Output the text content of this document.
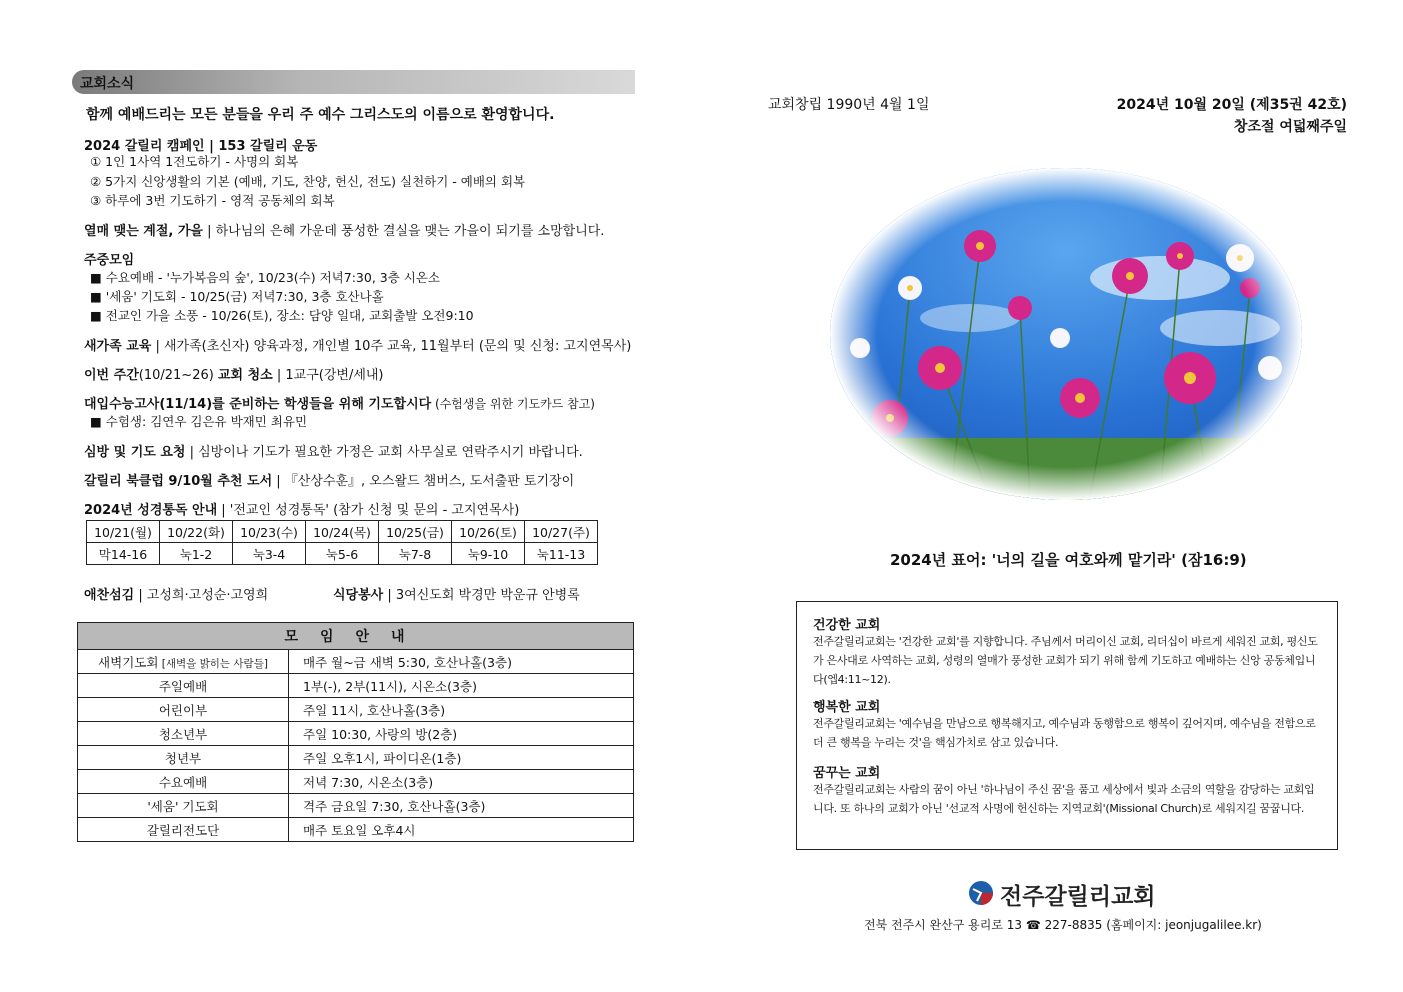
교회소식
함께 예배드리는 모든 분들을 우리 주 예수 그리스도의 이름으로 환영합니다.
2024 갈릴리 캠페인 | 153 갈릴리 운동
① 1인 1사역 1전도하기 - 사명의 회복
② 5가지 신앙생활의 기본 (예배, 기도, 찬양, 헌신, 전도) 실천하기 - 예배의 회복
③ 하루에 3번 기도하기 - 영적 공동체의 회복
열매 맺는 계절, 가을 | 하나님의 은혜 가운데 풍성한 결실을 맺는 가을이 되기를 소망합니다.
주중모임
■ 수요예배 - '누가복음의 숲', 10/23(수) 저녁7:30, 3층 시온소
■ '세움' 기도회 - 10/25(금) 저녁7:30, 3층 호산나홀
■ 전교인 가을 소풍 - 10/26(토), 장소: 담양 일대, 교회출발 오전9:10
새가족 교육 | 새가족(초신자) 양육과정, 개인별 10주 교육, 11월부터 (문의 및 신청: 고지연목사)
이번 주간(10/21~26) 교회 청소 | 1교구(강변/세내)
대입수능고사(11/14)를 준비하는 학생들을 위해 기도합시다 (수험생을 위한 기도카드 참고)
■ 수험생: 김연우 김은유 박재민 최유민
심방 및 기도 요청 | 심방이나 기도가 필요한 가정은 교회 사무실로 연락주시기 바랍니다.
갈릴리 북클럽 9/10월 추천 도서 | 『산상수훈』, 오스왈드 챔버스, 도서출판 토기장이
2024년 성경통독 안내 | '전교인 성경통독' (참가 신청 및 문의 - 고지연목사)
10/21(월)	10/22(화)	10/23(수)	10/24(목)	10/25(금)	10/26(토)	10/27(주)
막14-16	눅1-2	눅3-4	눅5-6	눅7-8	눅9-10	눅11-13
애찬섬김 | 고성희·고성순·고영희	식당봉사 | 3여신도회 박경만 박운규 안병록
모임안내	
새벽기도회 [새벽을 밝히는 사람들]	매주 월~금 새벽 5:30, 호산나홀(3층)
주일예배	1부(-), 2부(11시), 시온소(3층)
어린이부	주일 11시, 호산나홀(3층)
청소년부	주일 10:30, 사랑의 방(2층)
청년부	주일 오후1시, 파이디온(1층)
수요예배	저녁 7:30, 시온소(3층)
'세움' 기도회	격주 금요일 7:30, 호산나홀(3층)
갈릴리전도단	매주 토요일 오후4시
교회창립 1990년 4월 1일	2024년 10월 20일 (제35권 42호)
창조절 여덟째주일
2024년 표어: '너의 길을 여호와께 맡기라' (잠16:9)
건강한 교회

전주갈릴리교회는 '건강한 교회'를 지향합니다. 주님께서 머리이신 교회, 리더십이 바르게 세워진 교회, 평신도가 은사대로 사역하는 교회, 성령의 열매가 풍성한 교회가 되기 위해 함께 기도하고 예배하는 신앙 공동체입니다(엡4:11~12).

행복한 교회

전주갈릴리교회는 '예수님을 만남으로 행복해지고, 예수님과 동행함으로 행복이 깊어지며, 예수님을 전함으로 더 큰 행복을 누리는 것'을 핵심가치로 삼고 있습니다.

꿈꾸는 교회

전주갈릴리교회는 사람의 꿈이 아닌 '하나님이 주신 꿈'을 품고 세상에서 빛과 소금의 역할을 감당하는 교회입니다. 또 하나의 교회가 아닌 '선교적 사명에 헌신하는 지역교회'(Missional Church)로 세워지길 꿈꿉니다.

전주갈릴리교회
전북 전주시 완산구 용리로 13 ☎ 227-8835 (홈페이지: jeonjugalilee.kr)
